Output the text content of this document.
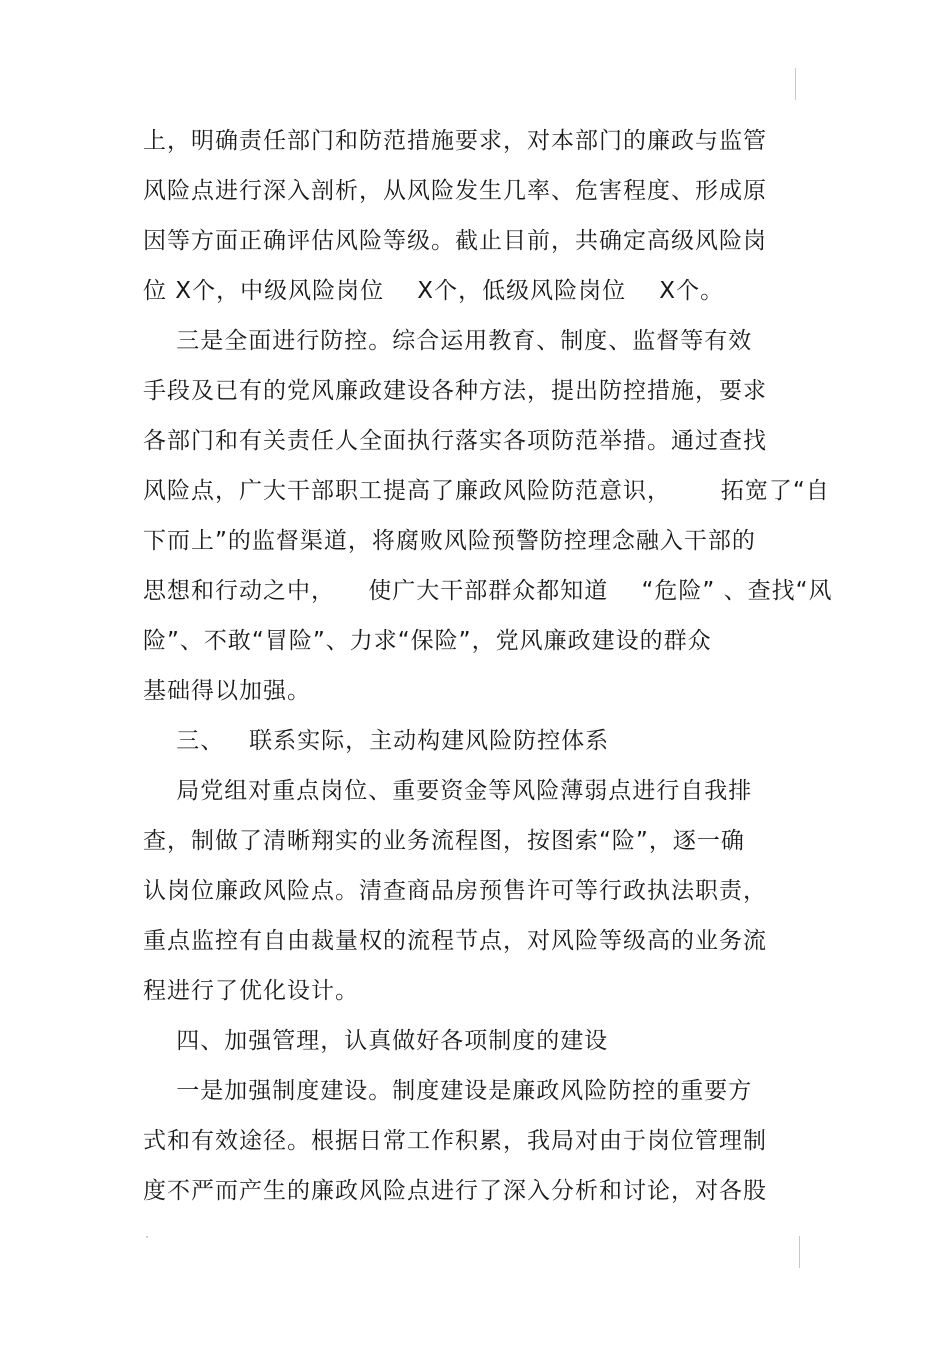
上，明确责任部门和防范措施要求，对本部门的廉政与监管
风险点进行深入剖析，从风险发生几率、危害程度、形成原
因等方面正确评估风险等级。截止目前，共确定高级风险岗
位 X个，中级风险岗位    X个，低级风险岗位    X个。
三是全面进行防控。综合运用教育、制度、监督等有效
手段及已有的党风廉政建设各种方法，提出防控措施，要求
各部门和有关责任人全面执行落实各项防范举措。通过查找
风险点，广大干部职工提高了廉政风险防范意识，      拓宽了“自
下而上”的监督渠道，将腐败风险预警防控理念融入干部的
思想和行动之中，    使广大干部群众都知道    “危险” 、查找“风
险”、不敢“冒险”、力求“保险”，党风廉政建设的群众
基础得以加强。
三、   联系实际，主动构建风险防控体系
局党组对重点岗位、重要资金等风险薄弱点进行自我排
查，制做了清晰翔实的业务流程图，按图索“险”，逐一确
认岗位廉政风险点。清查商品房预售许可等行政执法职责，
重点监控有自由裁量权的流程节点，对风险等级高的业务流
程进行了优化设计。
四、加强管理，认真做好各项制度的建设
一是加强制度建设。制度建设是廉政风险防控的重要方
式和有效途径。根据日常工作积累，我局对由于岗位管理制
度不严而产生的廉政风险点进行了深入分析和讨论，对各股
